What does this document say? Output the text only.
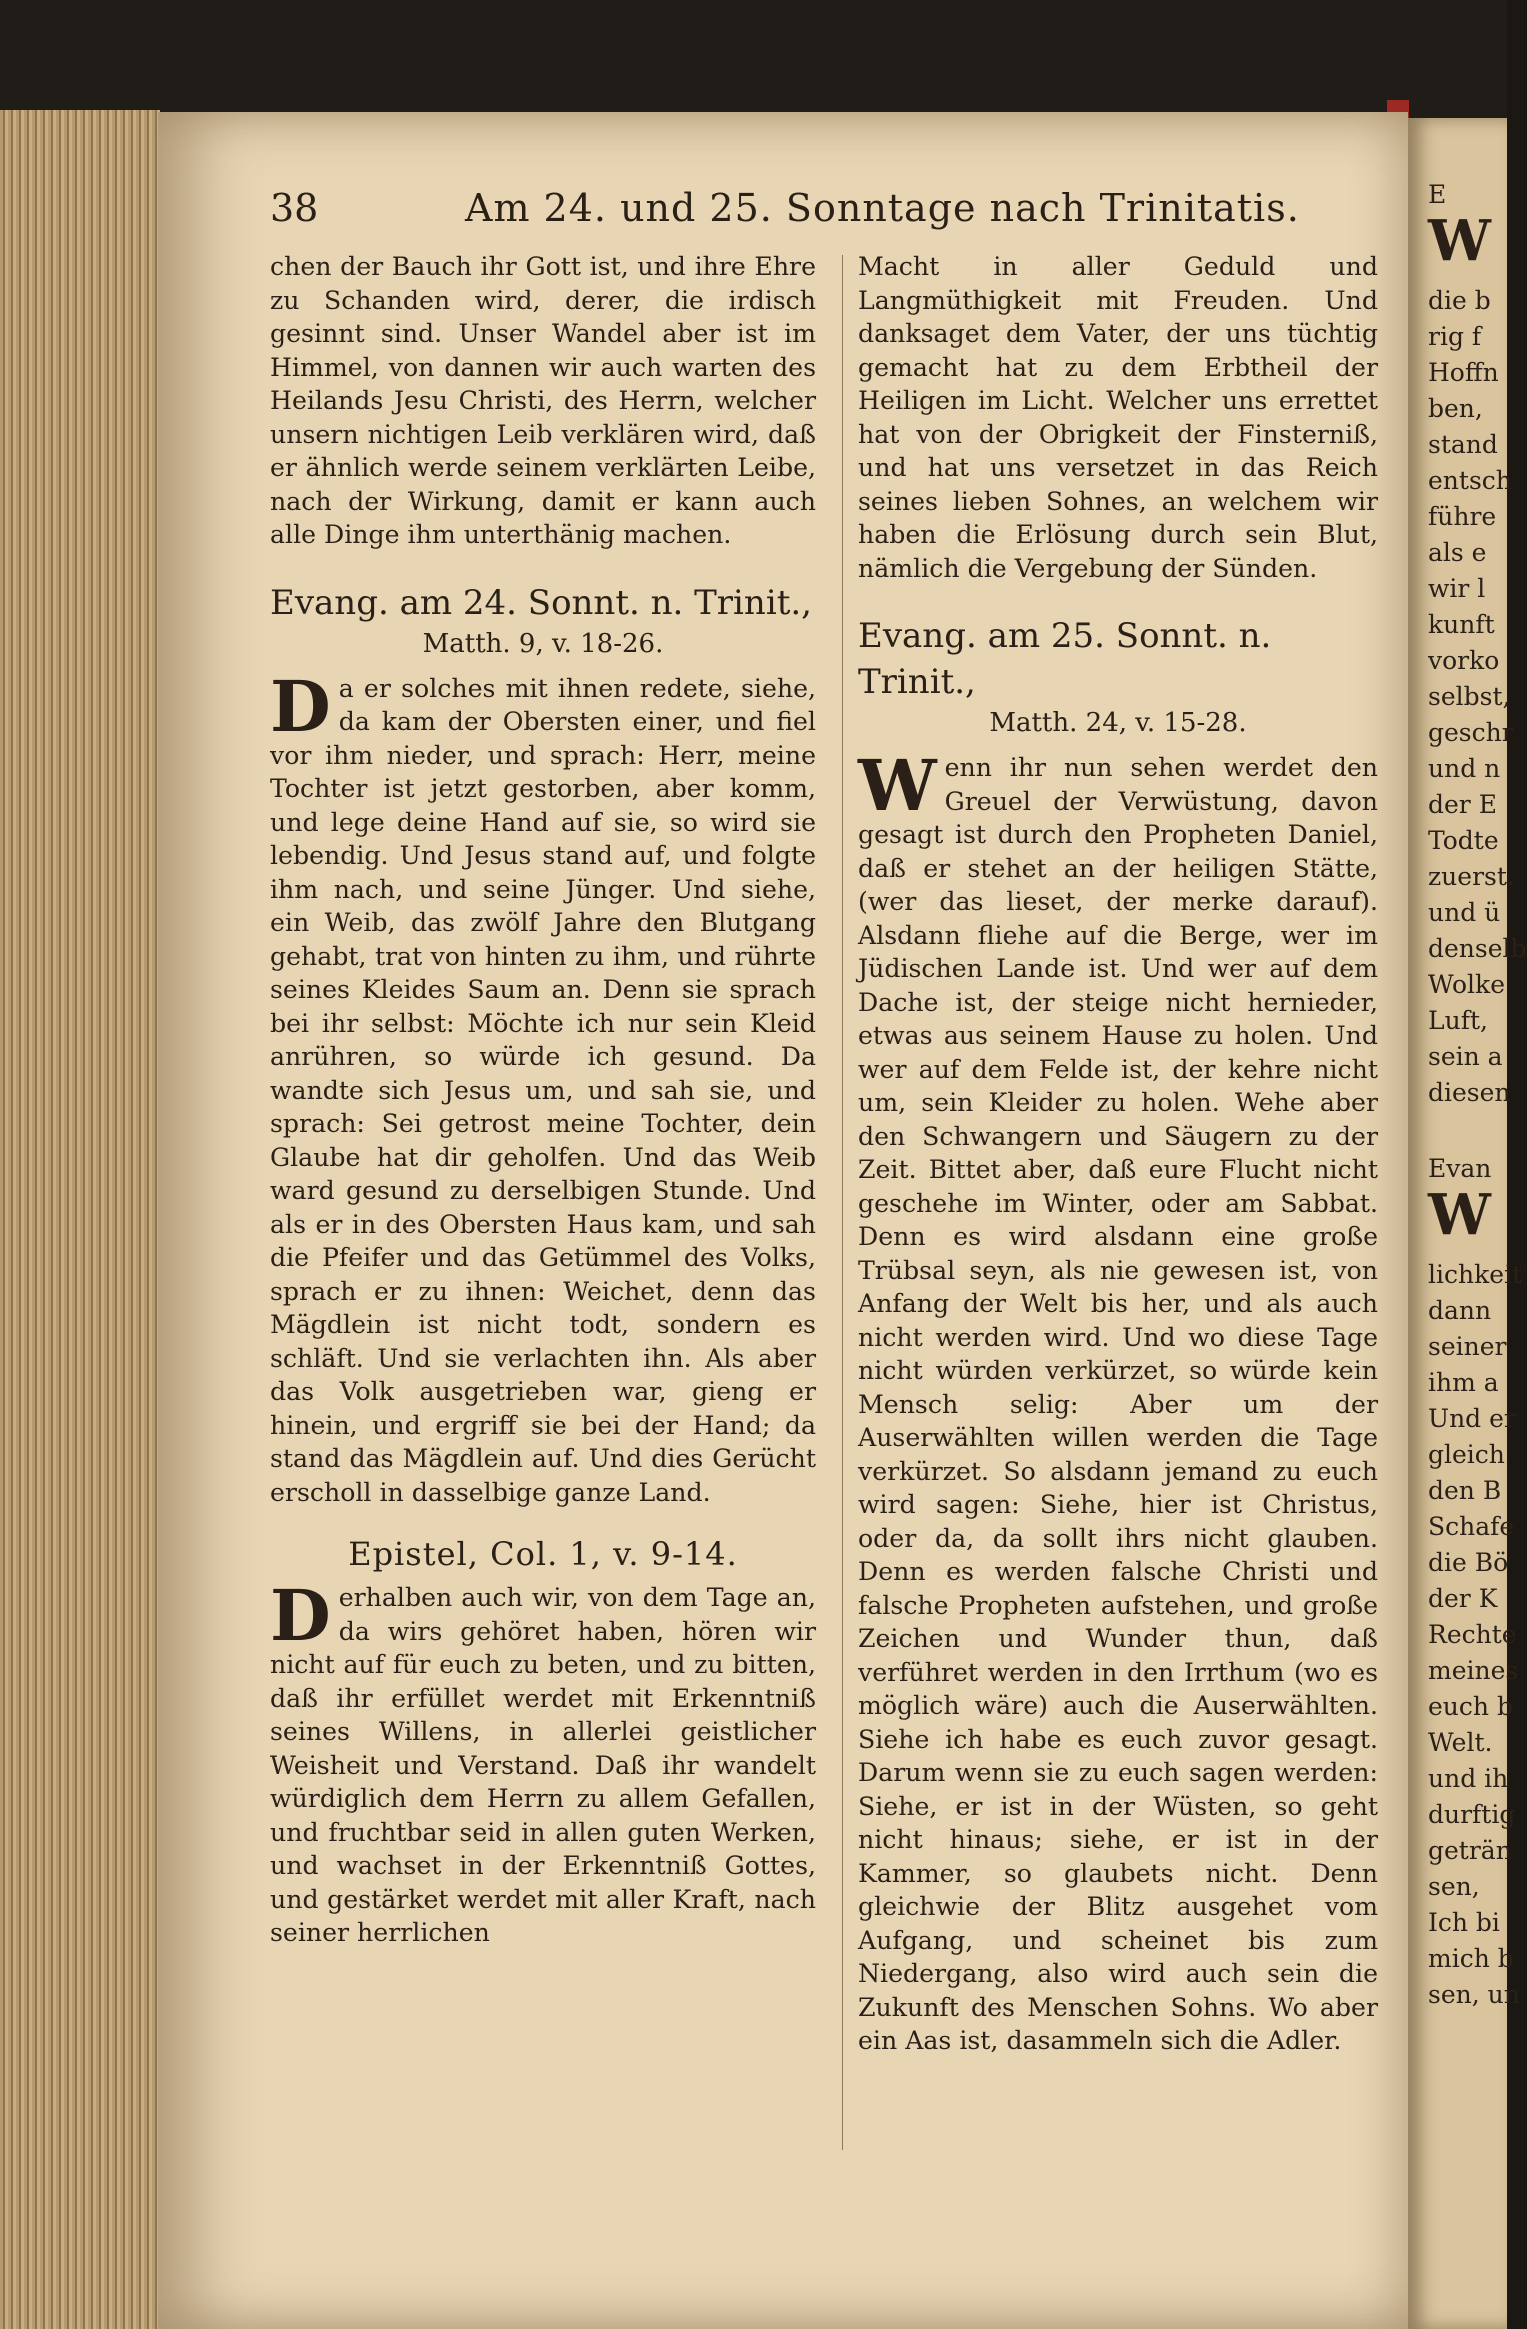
38	Am 24. und 25. Sonntage nach Trinitatis.

chen der Bauch ihr Gott ist, und ihre Ehre zu Schanden wird, derer, die irdisch gesinnt sind. Unser Wandel aber ist im Himmel, von dannen wir auch warten des Heilands Jesu Christi, des Herrn, welcher unsern nichtigen Leib verklären wird, daß er ähnlich werde seinem verklärten Leibe, nach der Wirkung, damit er kann auch alle Dinge ihm unterthänig machen.

Evang. am 24. Sonnt. n. Trinit.,
Matth. 9, v. 18-26.

Da er solches mit ihnen redete, siehe, da kam der Obersten einer, und fiel vor ihm nieder, und sprach: Herr, meine Tochter ist jetzt gestorben, aber komm, und lege deine Hand auf sie, so wird sie lebendig. Und Jesus stand auf, und folgte ihm nach, und seine Jünger. Und siehe, ein Weib, das zwölf Jahre den Blutgang gehabt, trat von hinten zu ihm, und rührte seines Kleides Saum an. Denn sie sprach bei ihr selbst: Möchte ich nur sein Kleid anrühren, so würde ich gesund. Da wandte sich Jesus um, und sah sie, und sprach: Sei getrost meine Tochter, dein Glaube hat dir geholfen. Und das Weib ward gesund zu derselbigen Stunde. Und als er in des Obersten Haus kam, und sah die Pfeifer und das Getümmel des Volks, sprach er zu ihnen: Weichet, denn das Mägdlein ist nicht todt, sondern es schläft. Und sie verlachten ihn. Als aber das Volk ausgetrieben war, gieng er hinein, und ergriff sie bei der Hand; da stand das Mägdlein auf. Und dies Gerücht erscholl in dasselbige ganze Land.

Epistel, Col. 1, v. 9-14.

Derhalben auch wir, von dem Tage an, da wirs gehöret haben, hören wir nicht auf für euch zu beten, und zu bitten, daß ihr erfüllet werdet mit Erkenntniß seines Willens, in allerlei geistlicher Weisheit und Verstand. Daß ihr wandelt würdiglich dem Herrn zu allem Gefallen, und fruchtbar seid in allen guten Werken, und wachset in der Erkenntniß Gottes, und gestärket werdet mit aller Kraft, nach seiner herrlichen

Macht in aller Geduld und Langmüthigkeit mit Freuden. Und danksaget dem Vater, der uns tüchtig gemacht hat zu dem Erbtheil der Heiligen im Licht. Welcher uns errettet hat von der Obrigkeit der Finsterniß, und hat uns versetzet in das Reich seines lieben Sohnes, an welchem wir haben die Erlösung durch sein Blut, nämlich die Vergebung der Sünden.

Evang. am 25. Sonnt. n. Trinit.,
Matth. 24, v. 15-28.

Wenn ihr nun sehen werdet den Greuel der Verwüstung, davon gesagt ist durch den Propheten Daniel, daß er stehet an der heiligen Stätte, (wer das lieset, der merke darauf). Alsdann fliehe auf die Berge, wer im Jüdischen Lande ist. Und wer auf dem Dache ist, der steige nicht hernieder, etwas aus seinem Hause zu holen. Und wer auf dem Felde ist, der kehre nicht um, sein Kleider zu holen. Wehe aber den Schwangern und Säugern zu der Zeit. Bittet aber, daß eure Flucht nicht geschehe im Winter, oder am Sabbat. Denn es wird alsdann eine große Trübsal seyn, als nie gewesen ist, von Anfang der Welt bis her, und als auch nicht werden wird. Und wo diese Tage nicht würden verkürzet, so würde kein Mensch selig: Aber um der Auserwählten willen werden die Tage verkürzet. So alsdann jemand zu euch wird sagen: Siehe, hier ist Christus, oder da, da sollt ihrs nicht glauben. Denn es werden falsche Christi und falsche Propheten aufstehen, und große Zeichen und Wunder thun, daß verführet werden in den Irrthum (wo es möglich wäre) auch die Auserwählten. Siehe ich habe es euch zuvor gesagt. Darum wenn sie zu euch sagen werden: Siehe, er ist in der Wüsten, so geht nicht hinaus; siehe, er ist in der Kammer, so glaubets nicht. Denn gleichwie der Blitz ausgehet vom Aufgang, und scheinet bis zum Niedergang, also wird auch sein die Zukunft des Menschen Sohns. Wo aber ein Aas ist, dasammeln sich die Adler.

E
W
die b
rig f
Hoffn
ben,
stand
entsch
führe
als e
wir l
kunft
vorko
selbst,
geschr
und n
der E
Todte
zuerst.
und ü
denselb
Wolke
Luft,
sein a
diesen
Evan
W
lichkeit
dann
seiner
ihm a
Und er
gleich
den B
Schafe
die Bö
der K
Rechte
meines
euch b
Welt.
und ih
durftig
geträn
sen,
Ich bi
mich b
sen, un
